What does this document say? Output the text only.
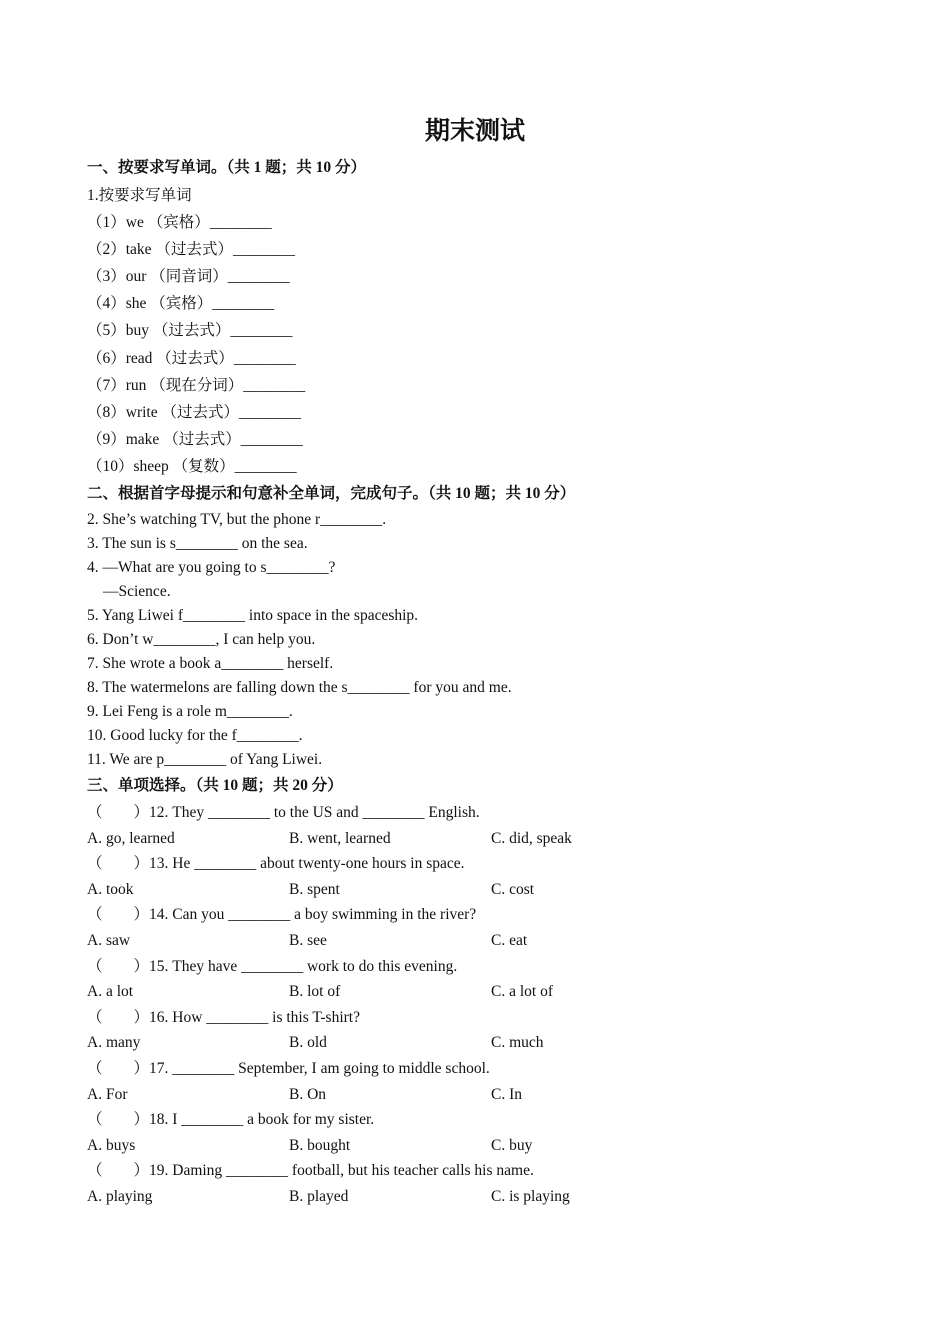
期末测试
一、按要求写单词。（共 1 题；共 10 分）
1.按要求写单词
（1）we （宾格）________
（2）take （过去式）________
（3）our （同音词）________
（4）she （宾格）________
（5）buy （过去式）________
（6）read （过去式）________
（7）run （现在分词）________
（8）write （过去式）________
（9）make （过去式）________
（10）sheep （复数）________
二、根据首字母提示和句意补全单词，完成句子。（共 10 题；共 10 分）
2. She’s watching TV, but the phone r________.
3. The sun is s________ on the sea.
4. —What are you going to s________?
—Science.
5. Yang Liwei f________ into space in the spaceship.
6. Don’t w________, I can help you.
7. She wrote a book a________ herself.
8. The watermelons are falling down the s________ for you and me.
9. Lei Feng is a role m________.
10. Good lucky for the f________.
11. We are p________ of Yang Liwei.
三、单项选择。（共 10 题；共 20 分）
（　　）12. They ________ to the US and ________ English.
A. go, learned	B. went, learned	C. did, speak
（　　）13. He ________ about twenty-one hours in space.
A. took	B. spent	C. cost
（　　）14. Can you ________ a boy swimming in the river?
A. saw	B. see	C. eat
（　　）15. They have ________ work to do this evening.
A. a lot	B. lot of	C. a lot of
（　　）16. How ________ is this T-shirt?
A. many	B. old	C. much
（　　）17. ________ September, I am going to middle school.
A. For	B. On	C. In
（　　）18. I ________ a book for my sister.
A. buys	B. bought	C. buy
（　　）19. Daming ________ football, but his teacher calls his name.
A. playing	B. played	C. is playing
